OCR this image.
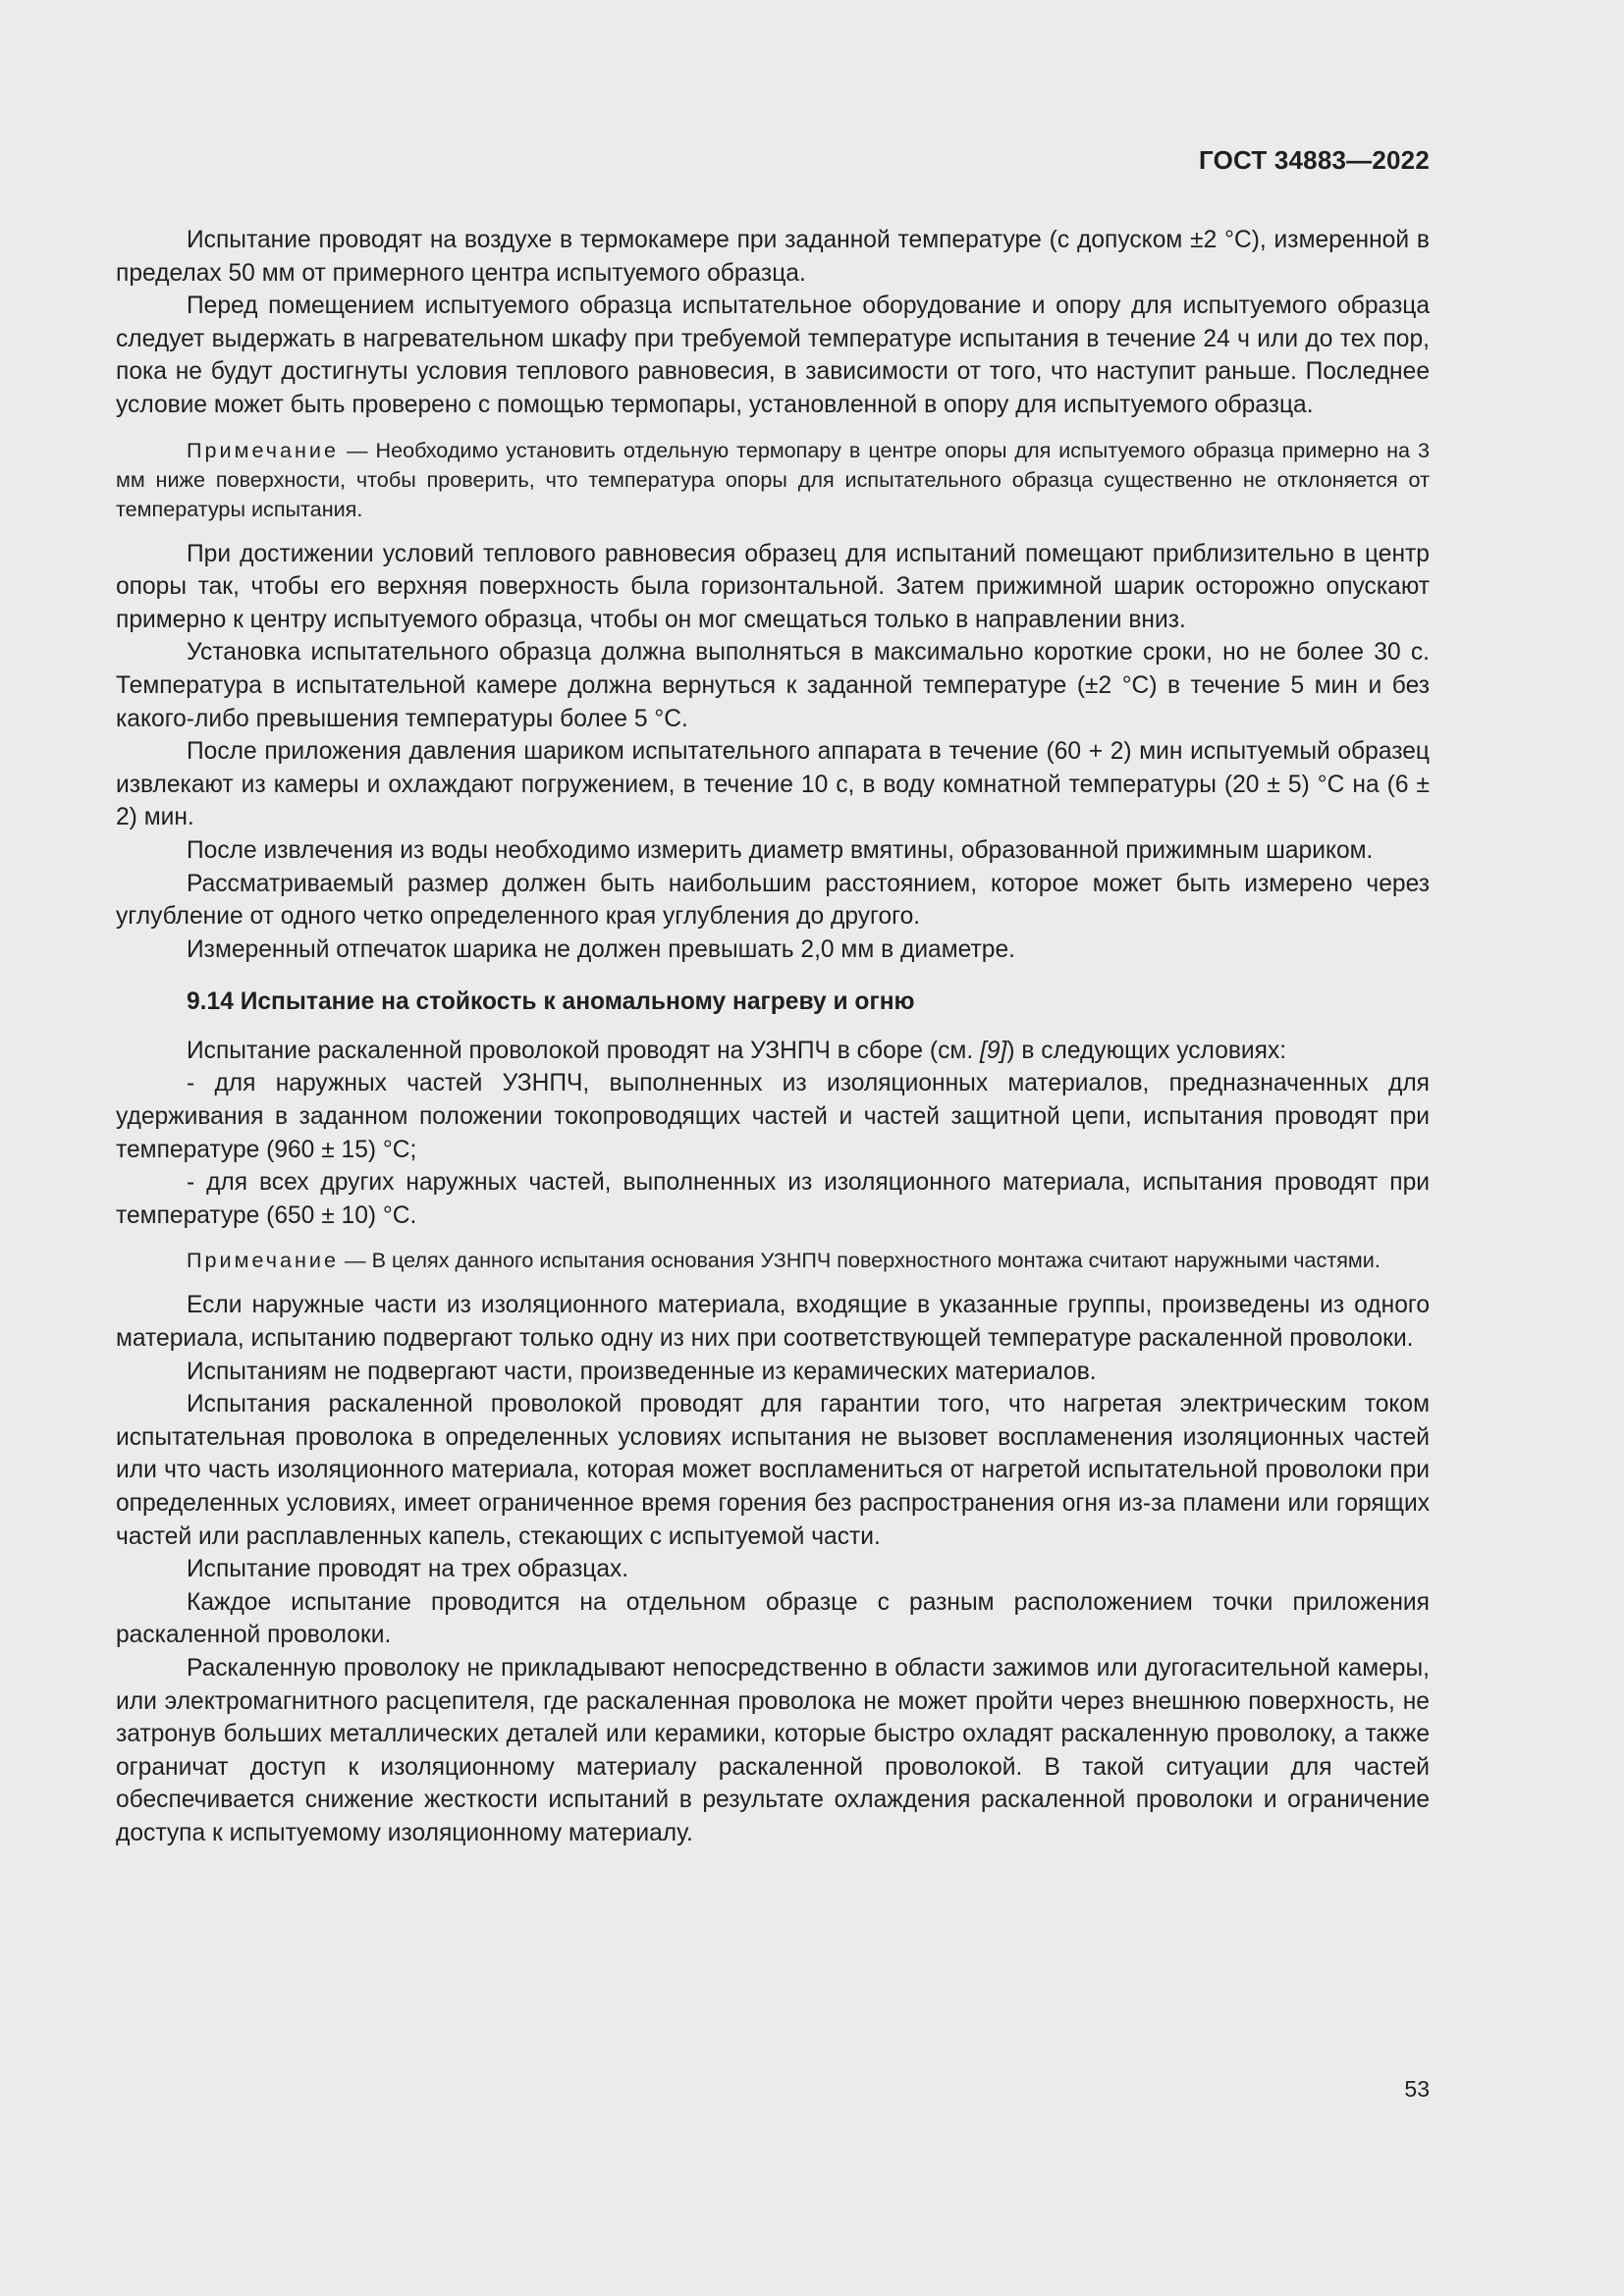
ГОСТ 34883—2022

Испытание проводят на воздухе в термокамере при заданной температуре (с допуском ±2 °С), измеренной в пределах 50 мм от примерного центра испытуемого образца.

Перед помещением испытуемого образца испытательное оборудование и опору для испытуемого образца следует выдержать в нагревательном шкафу при требуемой температуре испытания в течение 24 ч или до тех пор, пока не будут достигнуты условия теплового равновесия, в зависимости от того, что наступит раньше. Последнее условие может быть проверено с помощью термопары, установленной в опору для испытуемого образца.

Примечание — Необходимо установить отдельную термопару в центре опоры для испытуемого образца примерно на 3 мм ниже поверхности, чтобы проверить, что температура опоры для испытательного образца существенно не отклоняется от температуры испытания.

При достижении условий теплового равновесия образец для испытаний помещают приблизительно в центр опоры так, чтобы его верхняя поверхность была горизонтальной. Затем прижимной шарик осторожно опускают примерно к центру испытуемого образца, чтобы он мог смещаться только в направлении вниз.

Установка испытательного образца должна выполняться в максимально короткие сроки, но не более 30 с. Температура в испытательной камере должна вернуться к заданной температуре (±2 °С) в течение 5 мин и без какого-либо превышения температуры более 5 °С.

После приложения давления шариком испытательного аппарата в течение (60 + 2) мин испытуемый образец извлекают из камеры и охлаждают погружением, в течение 10 с, в воду комнатной температуры (20 ± 5) °С на (6 ± 2) мин.

После извлечения из воды необходимо измерить диаметр вмятины, образованной прижимным шариком.

Рассматриваемый размер должен быть наибольшим расстоянием, которое может быть измерено через углубление от одного четко определенного края углубления до другого.

Измеренный отпечаток шарика не должен превышать 2,0 мм в диаметре.

9.14 Испытание на стойкость к аномальному нагреву и огню

Испытание раскаленной проволокой проводят на УЗНПЧ в сборе (см. [9]) в следующих условиях:

- для наружных частей УЗНПЧ, выполненных из изоляционных материалов, предназначенных для удерживания в заданном положении токопроводящих частей и частей защитной цепи, испытания проводят при температуре (960 ± 15) °С;

- для всех других наружных частей, выполненных из изоляционного материала, испытания проводят при температуре (650 ± 10) °С.

Примечание — В целях данного испытания основания УЗНПЧ поверхностного монтажа считают наружными частями.

Если наружные части из изоляционного материала, входящие в указанные группы, произведены из одного материала, испытанию подвергают только одну из них при соответствующей температуре раскаленной проволоки.

Испытаниям не подвергают части, произведенные из керамических материалов.

Испытания раскаленной проволокой проводят для гарантии того, что нагретая электрическим током испытательная проволока в определенных условиях испытания не вызовет воспламенения изоляционных частей или что часть изоляционного материала, которая может воспламениться от нагретой испытательной проволоки при определенных условиях, имеет ограниченное время горения без распространения огня из-за пламени или горящих частей или расплавленных капель, стекающих с испытуемой части.

Испытание проводят на трех образцах.

Каждое испытание проводится на отдельном образце с разным расположением точки приложения раскаленной проволоки.

Раскаленную проволоку не прикладывают непосредственно в области зажимов или дугогасительной камеры, или электромагнитного расцепителя, где раскаленная проволока не может пройти через внешнюю поверхность, не затронув больших металлических деталей или керамики, которые быстро охладят раскаленную проволоку, а также ограничат доступ к изоляционному материалу раскаленной проволокой. В такой ситуации для частей обеспечивается снижение жесткости испытаний в результате охлаждения раскаленной проволоки и ограничение доступа к испытуемому изоляционному материалу.

53
